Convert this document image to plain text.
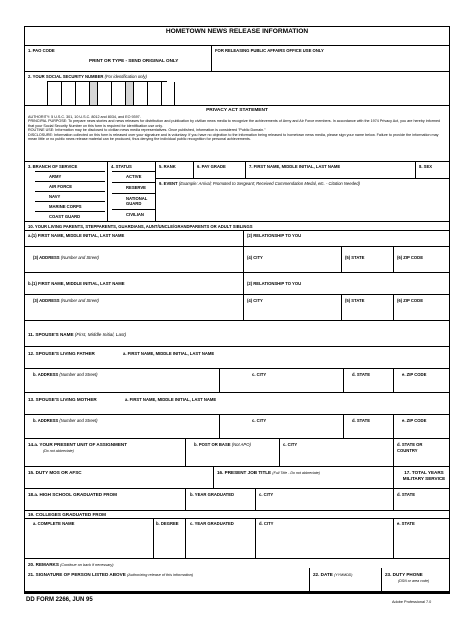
HOMETOWN NEWS RELEASE INFORMATION
1. PAO CODE
PRINT OR TYPE - SEND ORIGINAL ONLY
FOR RELEASING PUBLIC AFFAIRS OFFICE USE ONLY
2. YOUR SOCIAL SECURITY NUMBER (For identification only)
PRIVACY ACT STATEMENT

AUTHORITY: 5 U.S.C. 301, 10 U.S.C. 8012 and 8034, and EO 9397.

PRINCIPAL PURPOSE: To prepare news stories and news releases for distribution and publication by civilian news media to recognize the achievements of Army and Air Force members. In accordance with the 1974 Privacy Act, you are hereby informed that your Social Security Number on this form is required for identification use only.

ROUTINE USE: Information may be disclosed to civilian news media representatives. Once published, information is considered "Public Domain."

DISCLOSURE: Information collected on this form is released over your signature and is voluntary. If you have no objection to the information being released to hometown news media, please sign your name below. Failure to provide the information may mean little or no public news release material can be produced, thus denying the individual public recognition for personal achievements.

3. BRANCH OF SERVICE
ARMY
AIR FORCE
NAVY
MARINE CORPS
COAST GUARD
4. STATUS
ACTIVE
RESERVE
NATIONAL GUARD
CIVILIAN
5. RANK	6. PAY GRADE	7. FIRST NAME, MIDDLE INITIAL, LAST NAME	8. SEX
9. EVENT (Example: Arrival; Promoted to Sergeant; Received Commendation Medal, etc. - Citation Needed)
10. YOUR LIVING PARENTS, STEPPARENTS, GUARDIANS, AUNT/UNCLE/GRANDPARENTS OR ADULT SIBLINGS
a.(1) FIRST NAME, MIDDLE INITIAL, LAST NAME	(2) RELATIONSHIP TO YOU
(3) ADDRESS (Number and Street)	(4) CITY	(5) STATE	(6) ZIP CODE
b.(1) FIRST NAME, MIDDLE INITIAL, LAST NAME	(2) RELATIONSHIP TO YOU
(3) ADDRESS (Number and Street)	(4) CITY	(5) STATE	(6) ZIP CODE
11. SPOUSE'S NAME (First, Middle Initial, Last)
12. SPOUSE'S LIVING FATHER	a. FIRST NAME, MIDDLE INITIAL, LAST NAME
b. ADDRESS (Number and Street)	c. CITY	d. STATE	e. ZIP CODE
13. SPOUSE'S LIVING MOTHER	a. FIRST NAME, MIDDLE INITIAL, LAST NAME
b. ADDRESS (Number and Street)	c. CITY	d. STATE	e. ZIP CODE
14.a. YOUR PRESENT UNIT OF ASSIGNMENT
(Do not abbreviate)
b. POST OR BASE (Not APO)	c. CITY	d. STATE OR COUNTRY
15. DUTY MOS OR AFSC	16. PRESENT JOB TITLE (Full Title - Do not abbreviate)	17. TOTAL YEARS MILITARY SERVICE
18.a. HIGH SCHOOL GRADUATED FROM	b. YEAR GRADUATED	c. CITY	d. STATE
19. COLLEGES GRADUATED FROM
a. COMPLETE NAME	b. DEGREE	c. YEAR GRADUATED	d. CITY	e. STATE
20. REMARKS (Continue on back if necessary)
21. SIGNATURE OF PERSON LISTED ABOVE (Authorizing release of this information)	22. DATE (YYMMDD)	23. DUTY PHONE
(DSN or area code)
DD FORM 2266, JUN 95	Adobe Professional 7.0
